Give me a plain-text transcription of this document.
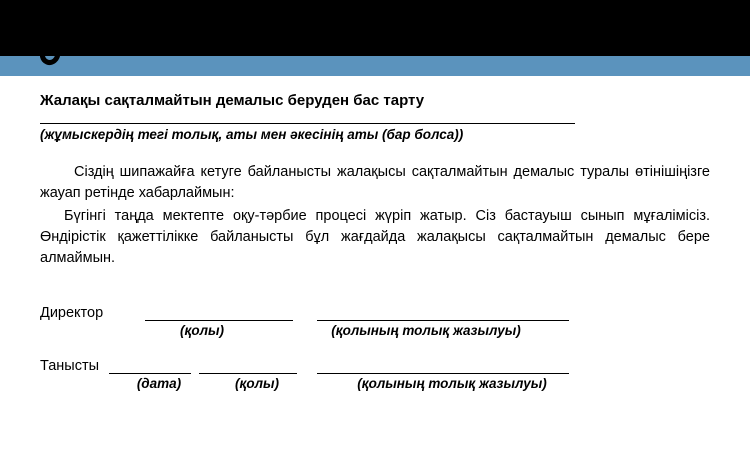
Жалақы сақталмайтын демалыс беруден бас тарту
(жұмыскердің тегі толық, аты мен әкесінің аты (бар болса))

Сіздің шипажайға кетуге байланысты жалақысы сақталмайтын демалыс туралы өтінішіңізге жауап ретінде хабарлаймын:

Бүгінгі таңда мектепте оқу-тәрбие процесі жүріп жатыр. Сіз бастауыш сынып мұғалімісіз. Өндірістік қажеттілікке байланысты бұл жағдайда жалақысы сақталмайтын демалыс бере алмаймын.

Директор
(қолы)	(қолының толық жазылуы)
Танысты
(дата)	(қолы)	(қолының толық жазылуы)
